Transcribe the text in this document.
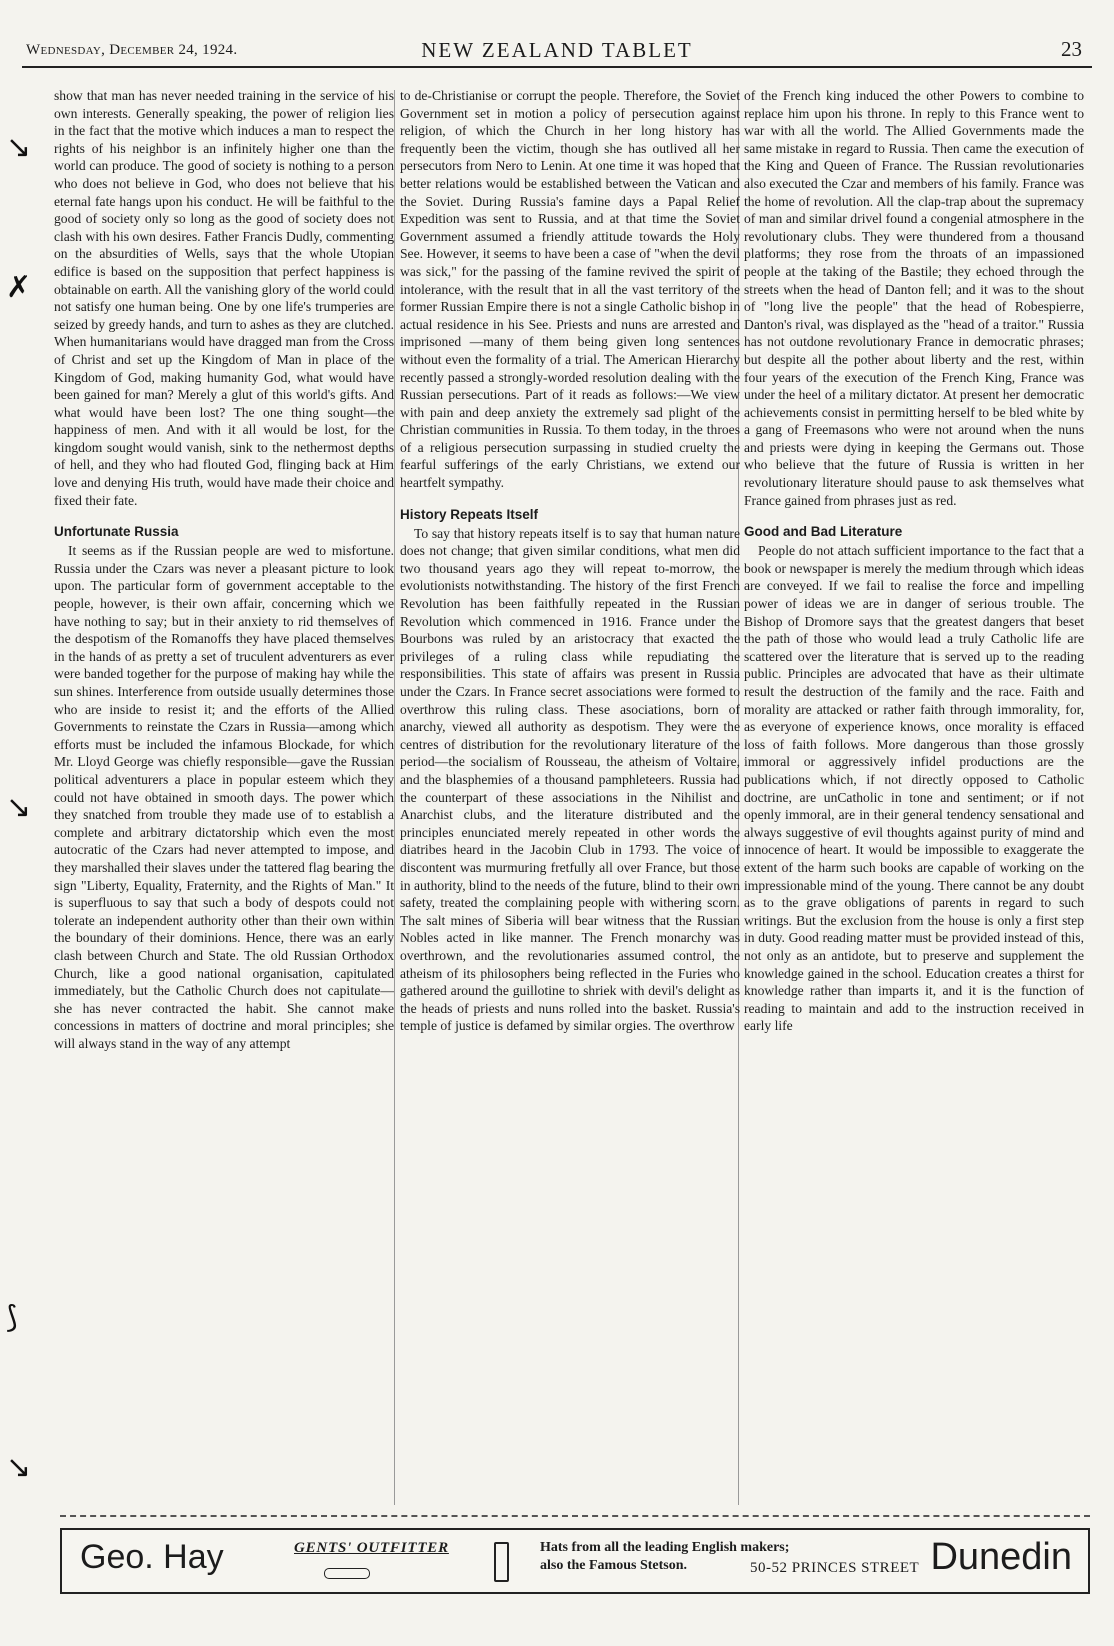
Wednesday, December 24, 1924.	NEW ZEALAND TABLET	23
↘
✗
↘
⟆
↘

show that man has never needed training in the service of his own interests. Generally speaking, the power of religion lies in the fact that the motive which induces a man to respect the rights of his neighbor is an infinitely higher one than the world can produce. The good of society is nothing to a person who does not believe in God, who does not believe that his eternal fate hangs upon his conduct. He will be faithful to the good of society only so long as the good of society does not clash with his own desires. Father Francis Dudly, commenting on the absurdities of Wells, says that the whole Utopian edifice is based on the supposition that perfect happiness is obtainable on earth. All the vanishing glory of the world could not satisfy one human being. One by one life's trumperies are seized by greedy hands, and turn to ashes as they are clutched. When humanitarians would have dragged man from the Cross of Christ and set up the Kingdom of Man in place of the Kingdom of God, making humanity God, what would have been gained for man? Merely a glut of this world's gifts. And what would have been lost? The one thing sought—the happiness of men. And with it all would be lost, for the kingdom sought would vanish, sink to the nethermost depths of hell, and they who had flouted God, flinging back at Him love and denying His truth, would have made their choice and fixed their fate.

Unfortunate Russia

It seems as if the Russian people are wed to misfortune. Russia under the Czars was never a pleasant picture to look upon. The particular form of government acceptable to the people, however, is their own affair, concerning which we have nothing to say; but in their anxiety to rid themselves of the despotism of the Romanoffs they have placed themselves in the hands of as pretty a set of truculent adventurers as ever were banded together for the purpose of making hay while the sun shines. Interference from outside usually determines those who are inside to resist it; and the efforts of the Allied Governments to reinstate the Czars in Russia—among which efforts must be included the infamous Blockade, for which Mr. Lloyd George was chiefly responsible—gave the Russian political adventurers a place in popular esteem which they could not have obtained in smooth days. The power which they snatched from trouble they made use of to establish a complete and arbitrary dictatorship which even the most autocratic of the Czars had never attempted to impose, and they marshalled their slaves under the tattered flag bearing the sign "Liberty, Equality, Fraternity, and the Rights of Man." It is superfluous to say that such a body of despots could not tolerate an independent authority other than their own within the boundary of their dominions. Hence, there was an early clash between Church and State. The old Russian Orthodox Church, like a good national organisation, capitulated immediately, but the Catholic Church does not capitulate—she has never contracted the habit. She cannot make concessions in matters of doctrine and moral principles; she will always stand in the way of any attempt

to de-Christianise or corrupt the people. Therefore, the Soviet Government set in motion a policy of persecution against religion, of which the Church in her long history has frequently been the victim, though she has outlived all her persecutors from Nero to Lenin. At one time it was hoped that better relations would be established between the Vatican and the Soviet. During Russia's famine days a Papal Relief Expedition was sent to Russia, and at that time the Soviet Government assumed a friendly attitude towards the Holy See. However, it seems to have been a case of "when the devil was sick," for the passing of the famine revived the spirit of intolerance, with the result that in all the vast territory of the former Russian Empire there is not a single Catholic bishop in actual residence in his See. Priests and nuns are arrested and imprisoned —many of them being given long sentences without even the formality of a trial. The American Hierarchy recently passed a strongly-worded resolution dealing with the Russian persecutions. Part of it reads as follows:—We view with pain and deep anxiety the extremely sad plight of the Christian communities in Russia. To them today, in the throes of a religious persecution surpassing in studied cruelty the fearful sufferings of the early Christians, we extend our heartfelt sympathy.

History Repeats Itself

To say that history repeats itself is to say that human nature does not change; that given similar conditions, what men did two thousand years ago they will repeat to-morrow, the evolutionists notwithstanding. The history of the first French Revolution has been faithfully repeated in the Russian Revolution which commenced in 1916. France under the Bourbons was ruled by an aristocracy that exacted the privileges of a ruling class while repudiating the responsibilities. This state of affairs was present in Russia under the Czars. In France secret associations were formed to overthrow this ruling class. These asociations, born of anarchy, viewed all authority as despotism. They were the centres of distribution for the revolutionary literature of the period—the socialism of Rousseau, the atheism of Voltaire, and the blasphemies of a thousand pamphleteers. Russia had the counterpart of these associations in the Nihilist and Anarchist clubs, and the literature distributed and the principles enunciated merely repeated in other words the diatribes heard in the Jacobin Club in 1793. The voice of discontent was murmuring fretfully all over France, but those in authority, blind to the needs of the future, blind to their own safety, treated the complaining people with withering scorn. The salt mines of Siberia will bear witness that the Russian Nobles acted in like manner. The French monarchy was overthrown, and the revolutionaries assumed control, the atheism of its philosophers being reflected in the Furies who gathered around the guillotine to shriek with devil's delight as the heads of priests and nuns rolled into the basket. Russia's temple of justice is defamed by similar orgies. The overthrow

of the French king induced the other Powers to combine to replace him upon his throne. In reply to this France went to war with all the world. The Allied Governments made the same mistake in regard to Russia. Then came the execution of the King and Queen of France. The Russian revolutionaries also executed the Czar and members of his family. France was the home of revolution. All the clap-trap about the supremacy of man and similar drivel found a congenial atmosphere in the revolutionary clubs. They were thundered from a thousand platforms; they rose from the throats of an impassioned people at the taking of the Bastile; they echoed through the streets when the head of Danton fell; and it was to the shout of "long live the people" that the head of Robespierre, Danton's rival, was displayed as the "head of a traitor." Russia has not outdone revolutionary France in democratic phrases; but despite all the pother about liberty and the rest, within four years of the execution of the French King, France was under the heel of a military dictator. At present her democratic achievements consist in permitting herself to be bled white by a gang of Freemasons who were not around when the nuns and priests were dying in keeping the Germans out. Those who believe that the future of Russia is written in her revolutionary literature should pause to ask themselves what France gained from phrases just as red.

Good and Bad Literature

People do not attach sufficient importance to the fact that a book or newspaper is merely the medium through which ideas are conveyed. If we fail to realise the force and impelling power of ideas we are in danger of serious trouble. The Bishop of Dromore says that the greatest dangers that beset the path of those who would lead a truly Catholic life are scattered over the literature that is served up to the reading public. Principles are advocated that have as their ultimate result the destruction of the family and the race. Faith and morality are attacked or rather faith through immorality, for, as everyone of experience knows, once morality is effaced loss of faith follows. More dangerous than those grossly immoral or aggressively infidel productions are the publications which, if not directly opposed to Catholic doctrine, are unCatholic in tone and sentiment; or if not openly immoral, are in their general tendency sensational and always suggestive of evil thoughts against purity of mind and innocence of heart. It would be impossible to exaggerate the extent of the harm such books are capable of working on the impressionable mind of the young. There cannot be any doubt as to the grave obligations of parents in regard to such writings. But the exclusion from the house is only a first step in duty. Good reading matter must be provided instead of this, not only as an antidote, but to preserve and supplement the knowledge gained in the school. Education creates a thirst for knowledge rather than imparts it, and it is the function of reading to maintain and add to the instruction received in early life

Geo. Hay	GENTS' OUTFITTER	Hats from all the leading English makers;
also the Famous Stetson.	50-52 PRINCES STREET Dunedin
